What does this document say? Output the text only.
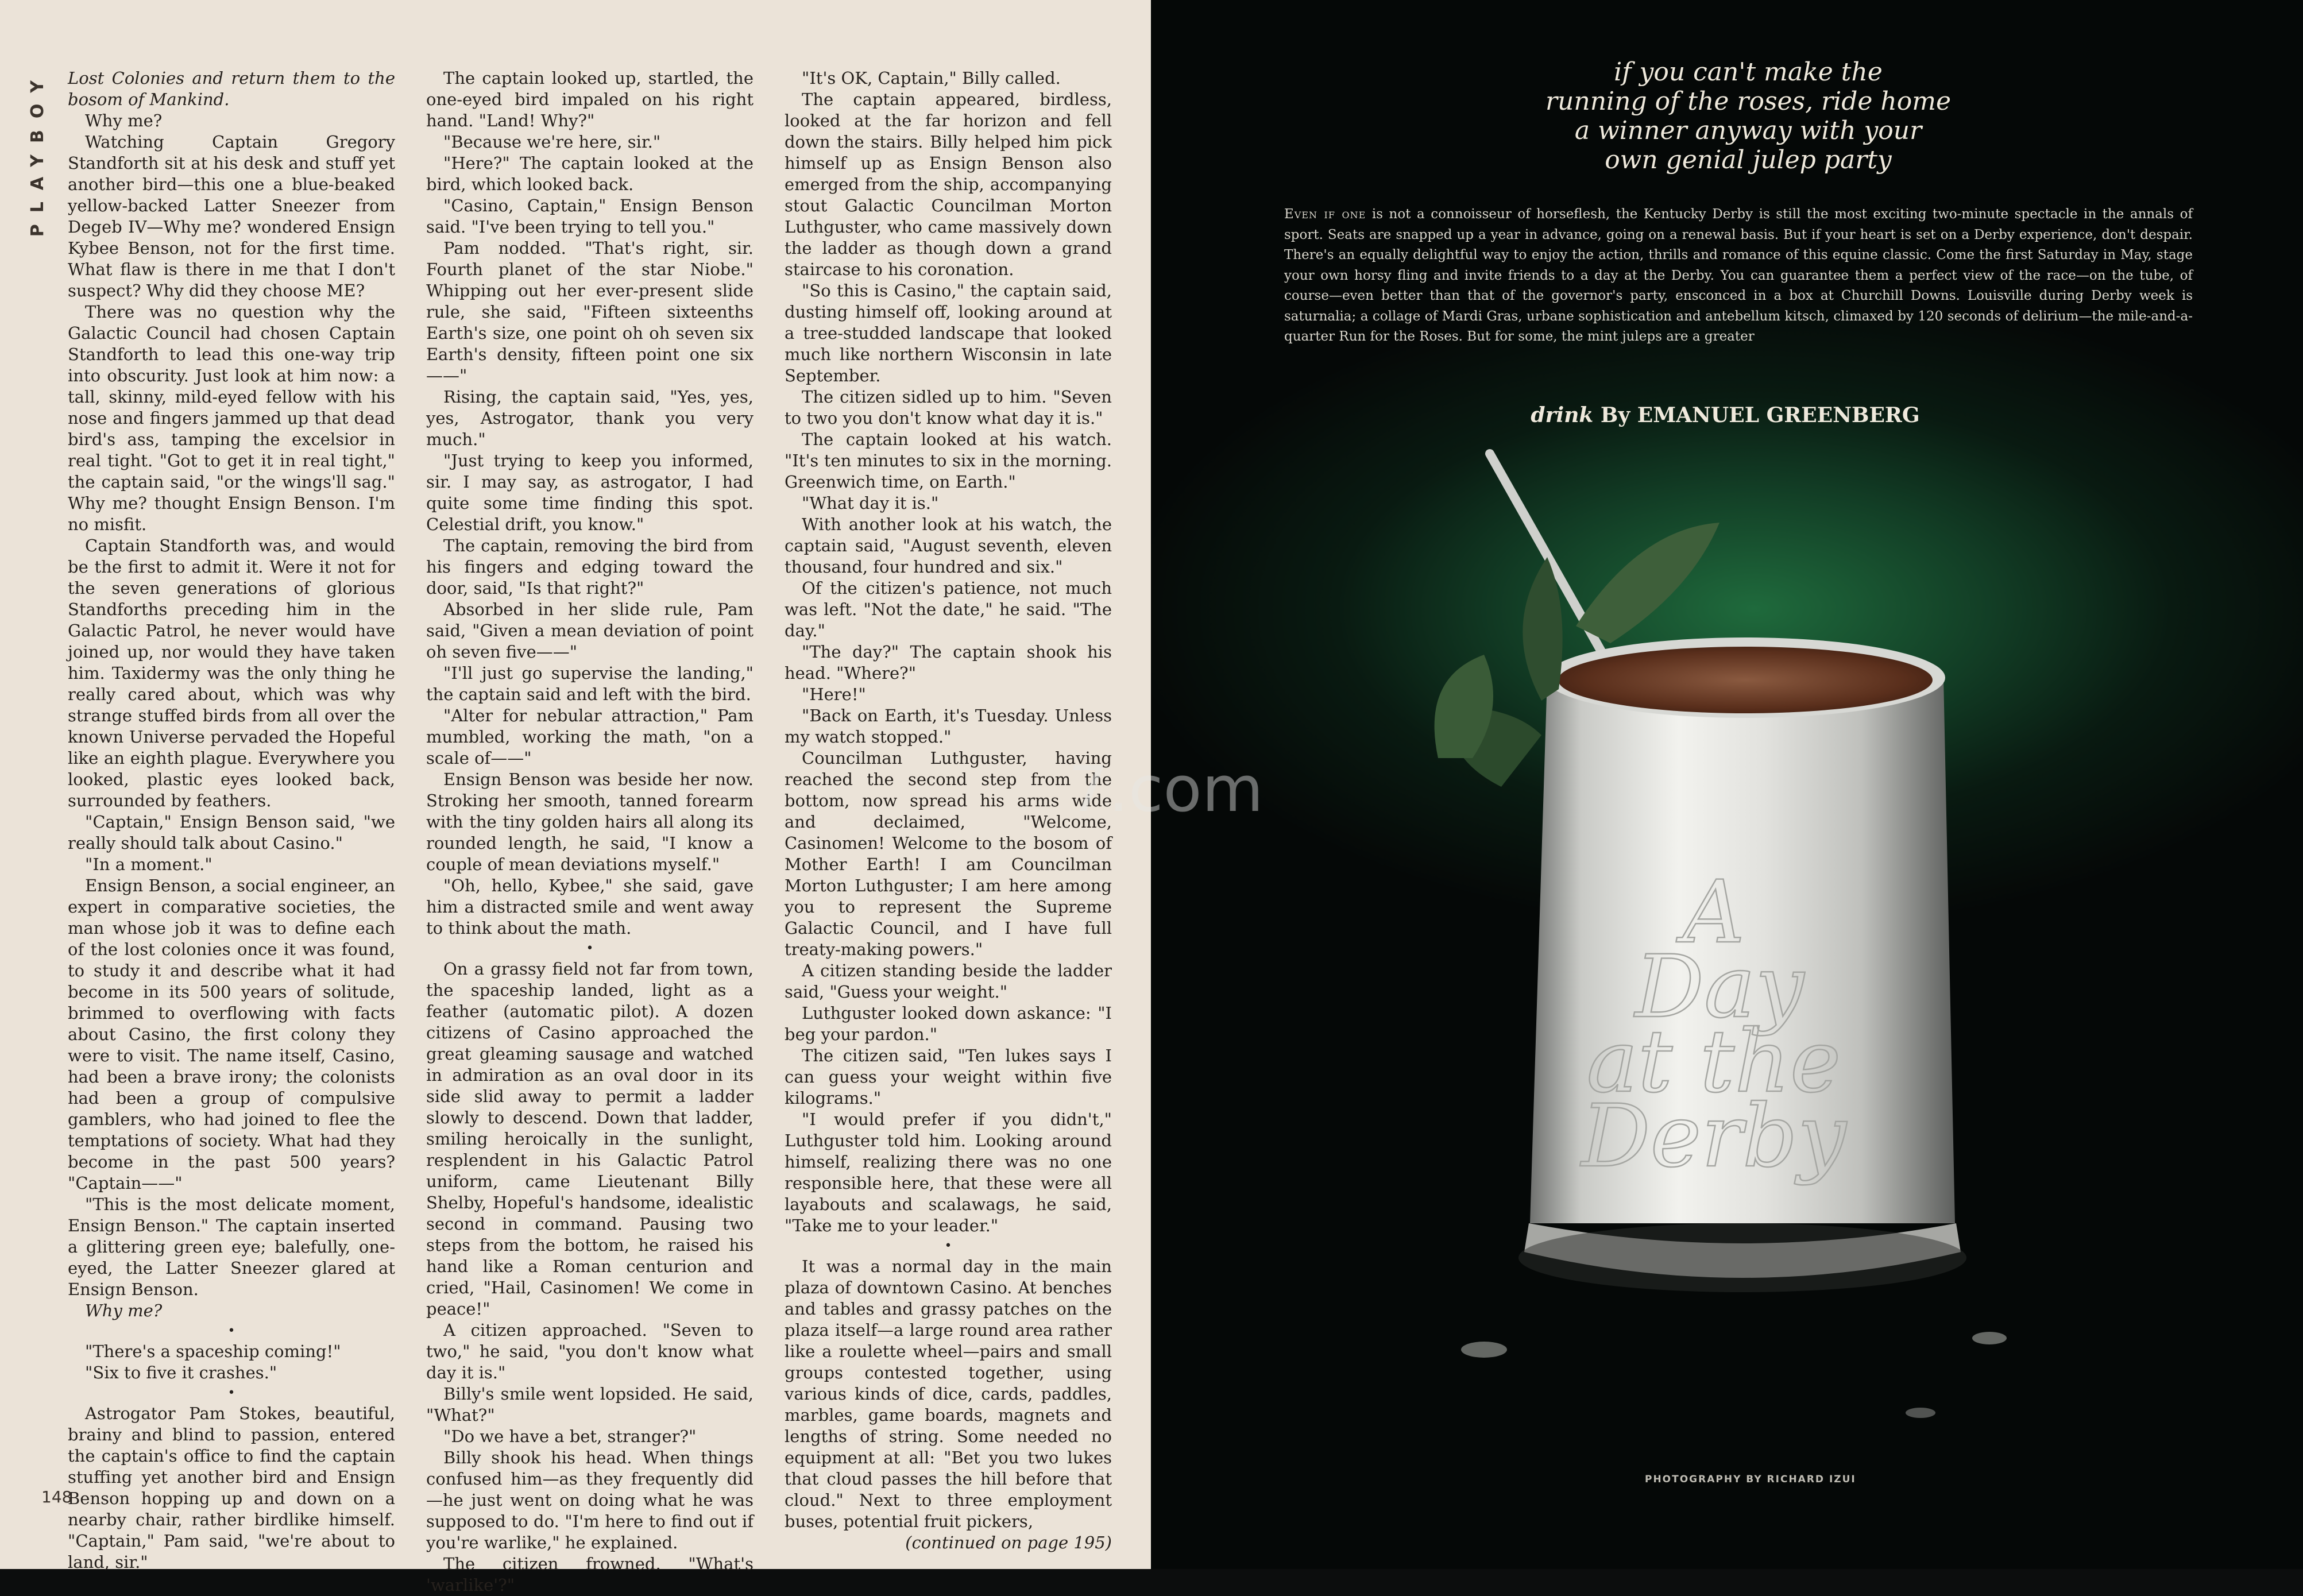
PLAYBOY	Lost Colonies and return them to the bosom of Mankind.

Why me?

Watching Captain Gregory Standforth sit at his desk and stuff yet another bird—this one a blue-beaked yellow-backed Latter Sneezer from Degeb IV—Why me? wondered Ensign Kybee Benson, not for the first time. What flaw is there in me that I don't suspect? Why did they choose ME?

There was no question why the Galactic Council had chosen Captain Standforth to lead this one-way trip into obscurity. Just look at him now: a tall, skinny, mild-eyed fellow with his nose and fingers jammed up that dead bird's ass, tamping the excelsior in real tight. "Got to get it in real tight," the captain said, "or the wings'll sag." Why me? thought Ensign Benson. I'm no misfit.

Captain Standforth was, and would be the first to admit it. Were it not for the seven generations of glorious Standforths preceding him in the Galactic Patrol, he never would have joined up, nor would they have taken him. Taxidermy was the only thing he really cared about, which was why strange stuffed birds from all over the known Universe pervaded the Hopeful like an eighth plague. Everywhere you looked, plastic eyes looked back, surrounded by feathers.

"Captain," Ensign Benson said, "we really should talk about Casino."

"In a moment."

Ensign Benson, a social engineer, an expert in comparative societies, the man whose job it was to define each of the lost colonies once it was found, to study it and describe what it had become in its 500 years of solitude, brimmed to overflowing with facts about Casino, the first colony they were to visit. The name itself, Casino, had been a brave irony; the colonists had been a group of compulsive gamblers, who had joined to flee the temptations of society. What had they become in the past 500 years? "Captain——"

"This is the most delicate moment, Ensign Benson." The captain inserted a glittering green eye; balefully, one-eyed, the Latter Sneezer glared at Ensign Benson.

Why me?

•

"There's a spaceship coming!"

"Six to five it crashes."

•

Astrogator Pam Stokes, beautiful, brainy and blind to passion, entered the captain's office to find the captain stuffing yet another bird and Ensign Benson hopping up and down on a nearby chair, rather birdlike himself. "Captain," Pam said, "we're about to land, sir."

The captain looked up, startled, the one-eyed bird impaled on his right hand. "Land! Why?"

"Because we're here, sir."

"Here?" The captain looked at the bird, which looked back.

"Casino, Captain," Ensign Benson said. "I've been trying to tell you."

Pam nodded. "That's right, sir. Fourth planet of the star Niobe." Whipping out her ever-present slide rule, she said, "Fifteen sixteenths Earth's size, one point oh oh seven six Earth's density, fifteen point one six——"

Rising, the captain said, "Yes, yes, yes, Astrogator, thank you very much."

"Just trying to keep you informed, sir. I may say, as astrogator, I had quite some time finding this spot. Celestial drift, you know."

The captain, removing the bird from his fingers and edging toward the door, said, "Is that right?"

Absorbed in her slide rule, Pam said, "Given a mean deviation of point oh seven five——"

"I'll just go supervise the landing," the captain said and left with the bird.

"Alter for nebular attraction," Pam mumbled, working the math, "on a scale of——"

Ensign Benson was beside her now. Stroking her smooth, tanned forearm with the tiny golden hairs all along its rounded length, he said, "I know a couple of mean deviations myself."

"Oh, hello, Kybee," she said, gave him a distracted smile and went away to think about the math.

•

On a grassy field not far from town, the spaceship landed, light as a feather (automatic pilot). A dozen citizens of Casino approached the great gleaming sausage and watched in admiration as an oval door in its side slid away to permit a ladder slowly to descend. Down that ladder, smiling heroically in the sunlight, resplendent in his Galactic Patrol uniform, came Lieutenant Billy Shelby, Hopeful's handsome, idealistic second in command. Pausing two steps from the bottom, he raised his hand like a Roman centurion and cried, "Hail, Casinomen! We come in peace!"

A citizen approached. "Seven to two," he said, "you don't know what day it is."

Billy's smile went lopsided. He said, "What?"

"Do we have a bet, stranger?"

Billy shook his head. When things confused him—as they frequently did—he just went on doing what he was supposed to do. "I'm here to find out if you're warlike," he explained.

The citizen frowned. "What's 'warlike'?"

"It's OK, Captain," Billy called.

The captain appeared, birdless, looked at the far horizon and fell down the stairs. Billy helped him pick himself up as Ensign Benson also emerged from the ship, accompanying stout Galactic Councilman Morton Luthguster, who came massively down the ladder as though down a grand staircase to his coronation.

"So this is Casino," the captain said, dusting himself off, looking around at a tree-studded landscape that looked much like northern Wisconsin in late September.

The citizen sidled up to him. "Seven to two you don't know what day it is."

The captain looked at his watch. "It's ten minutes to six in the morning. Greenwich time, on Earth."

"What day it is."

With another look at his watch, the captain said, "August seventh, eleven thousand, four hundred and six."

Of the citizen's patience, not much was left. "Not the date," he said. "The day."

"The day?" The captain shook his head. "Where?"

"Here!"

"Back on Earth, it's Tuesday. Unless my watch stopped."

Councilman Luthguster, having reached the second step from the bottom, now spread his arms wide and declaimed, "Welcome, Casinomen! Welcome to the bosom of Mother Earth! I am Councilman Morton Luthguster; I am here among you to represent the Supreme Galactic Council, and I have full treaty-making powers."

A citizen standing beside the ladder said, "Guess your weight."

Luthguster looked down askance: "I beg your pardon."

The citizen said, "Ten lukes says I can guess your weight within five kilograms."

"I would prefer if you didn't," Luthguster told him. Looking around himself, realizing there was no one responsible here, that these were all layabouts and scalawags, he said, "Take me to your leader."

•

It was a normal day in the main plaza of downtown Casino. At benches and tables and grassy patches on the plaza itself—a large round area rather like a roulette wheel—pairs and small groups contested together, using various kinds of dice, cards, paddles, marbles, game boards, magnets and lengths of string. Some needed no equipment at all: "Bet you two lukes that cloud passes the hill before that cloud." Next to three employment buses, potential fruit pickers,

(continued on page 195)

148
if you can't make the
running of the roses, ride home
a winner anyway with your
own genial julep party
Even if one is not a connoisseur of horseflesh, the Kentucky Derby is still the most exciting two-minute spectacle in the annals of sport. Seats are snapped up a year in advance, going on a renewal basis. But if your heart is set on a Derby experience, don't despair. There's an equally delightful way to enjoy the action, thrills and romance of this equine classic. Come the first Saturday in May, stage your own horsy fling and invite friends to a day at the Derby. You can guarantee them a perfect view of the race—on the tube, of course—even better than that of the governor's party, ensconced in a box at Churchill Downs. Louisville during Derby week is saturnalia; a collage of Mardi Gras, urbane sophistication and antebellum kitsch, climaxed by 120 seconds of delirium—the mile-and-a-quarter Run for the Roses. But for some, the mint juleps are a greater
drink By EMANUEL GREENBERG
A
Day
at the
Derby
PHOTOGRAPHY BY RICHARD IZUI
7.com
